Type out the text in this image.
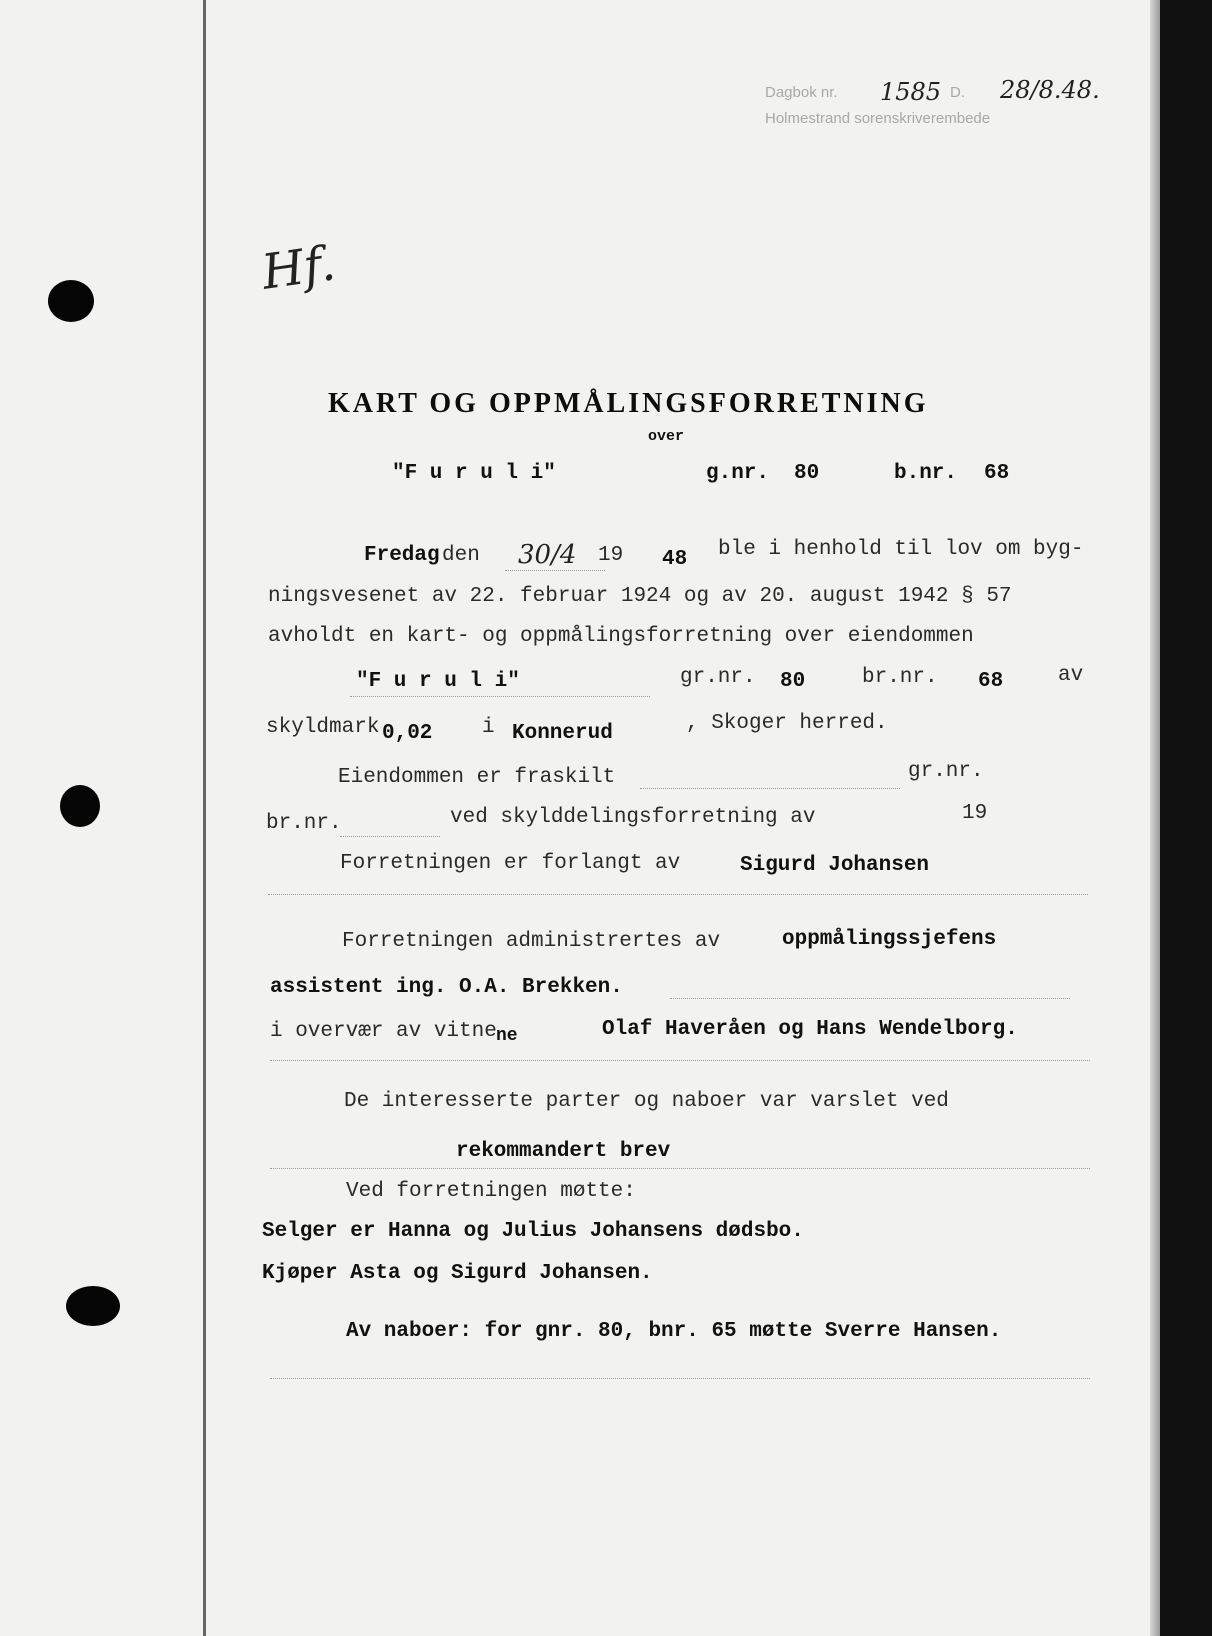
Dagbok nr. 1585 D. 28/8.48.
Holmestrand sorenskriverembede
Hf.
KART OG OPPMÅLINGSFORRETNING
over
"F u r u l i"	g.nr. 80	b.nr. 68
Fredag den 30/4 19 48 ble i henhold til lov om byg-
ningsvesenet av 22. februar 1924 og av 20. august 1942 § 57
avholdt en kart- og oppmålingsforretning over eiendommen
"F u r u l i"	gr.nr. 80	br.nr. 68	av
skyldmark 0,02 i Konnerud	, Skoger herred.
Eiendommen er fraskilt	gr.nr.
br.nr.	ved skylddelingsforretning av	19
Forretningen er forlangt av	Sigurd Johansen
Forretningen administrertes av	oppmålingssjefens
assistent ing. O.A. Brekken.
i overvær av vitne ne	Olaf Haveråen og Hans Wendelborg.
De interesserte parter og naboer var varslet ved
rekommandert brev
Ved forretningen møtte:
Selger er Hanna og Julius Johansens dødsbo.
Kjøper Asta og Sigurd Johansen.
Av naboer: for gnr. 80, bnr. 65 møtte Sverre Hansen.
